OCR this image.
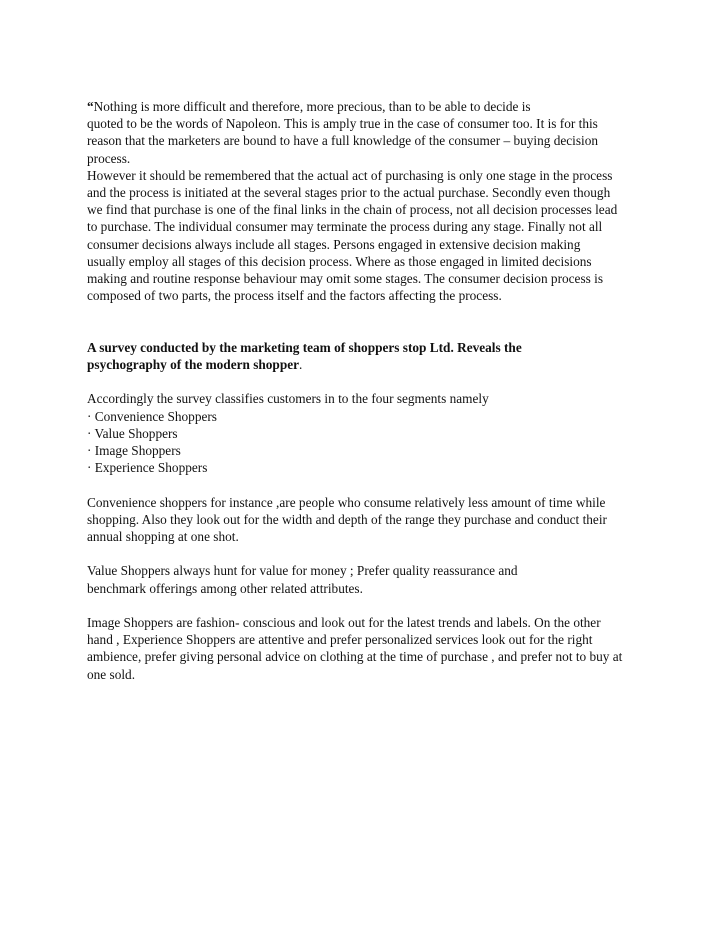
“Nothing is more difficult and therefore, more precious, than to be able to decide is
quoted to be the words of Napoleon. This is amply true in the case of consumer too. It is for this
reason that the marketers are bound to have a full knowledge of the consumer – buying decision
process.
However it should be remembered that the actual act of purchasing is only one stage in the process
and the process is initiated at the several stages prior to the actual purchase. Secondly even though
we find that purchase is one of the final links in the chain of process, not all decision processes lead
to purchase. The individual consumer may terminate the process during any stage. Finally not all
consumer decisions always include all stages. Persons engaged in extensive decision making
usually employ all stages of this decision process. Where as those engaged in limited decisions
making and routine response behaviour may omit some stages. The consumer decision process is
composed of two parts, the process itself and the factors affecting the process.
A survey conducted by the marketing team of shoppers stop Ltd. Reveals the
psychography of the modern shopper.
Accordingly the survey classifies customers in to the four segments namely
· Convenience Shoppers
· Value Shoppers
· Image Shoppers
· Experience Shoppers
Convenience shoppers for instance ,are people who consume relatively less amount of time while
shopping. Also they look out for the width and depth of the range they purchase and conduct their
annual shopping at one shot.
Value Shoppers always hunt for value for money ; Prefer quality reassurance and
benchmark offerings among other related attributes.
Image Shoppers are fashion- conscious and look out for the latest trends and labels. On the other
hand , Experience Shoppers are attentive and prefer personalized services look out for the right
ambience, prefer giving personal advice on clothing at the time of purchase , and prefer not to buy at
one sold.
